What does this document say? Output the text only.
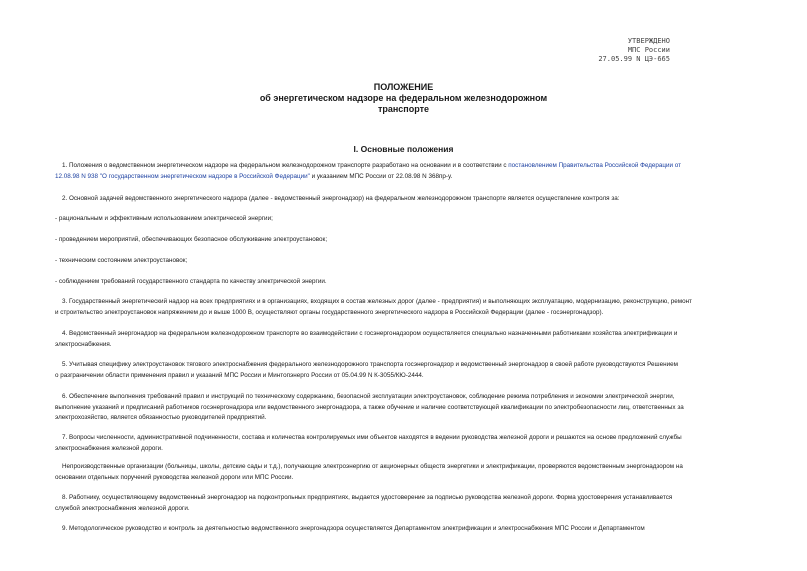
УТВЕРЖДЕНО
МПС России
27.05.99 N ЦЭ-665
ПОЛОЖЕНИЕ
об энергетическом надзоре на федеральном железнодорожном
транспорте
I. Основные положения

1. Положения о ведомственном энергетическом надзоре на федеральном железнодорожном транспорте разработано на основании и в соответствии с постановлением Правительства Российской Федерации от

12.08.98 N 938 "О государственном энергетическом надзоре в Российской Федерации" и указанием МПС России от 22.08.98 N 368пр-у.

2. Основной задачей ведомственного энергетического надзора (далее - ведомственный энергонадзор) на федеральном железнодорожном транспорте является осуществление контроля за:

- рациональным и эффективным использованием электрической энергии;

- проведением мероприятий, обеспечивающих безопасное обслуживание электроустановок;

- техническим состоянием электроустановок;

- соблюдением требований государственного стандарта по качеству электрической энергии.

3. Государственный энергетический надзор на всех предприятиях и в организациях, входящих в состав железных дорог (далее - предприятия) и выполняющих эксплуатацию, модернизацию, реконструкцию, ремонт

и строительство электроустановок напряжением до и выше 1000 В, осуществляют органы государственного энергетического надзора в Российской Федерации (далее - госэнергонадзор).

4. Ведомственный энергонадзор на федеральном железнодорожном транспорте во взаимодействии с госэнергонадзором осуществляется специально назначенными работниками хозяйства электрификации и

электроснабжения.

5. Учитывая специфику электроустановок тягового электроснабжения федерального железнодорожного транспорта госэнергонадзор и ведомственный энергонадзор в своей работе руководствуются Решением

о разграничении области применения правил и указаний МПС России и Минтопэнерго России от 05.04.99 N К-3055/КЮ-2444.

6. Обеспечение выполнения требований правил и инструкций по техническому содержанию, безопасной эксплуатации электроустановок, соблюдение режима потребления и экономии электрической энергии,

выполнение указаний и предписаний работников госэнергонадзора или ведомственного энергонадзора, а также обучение и наличие соответствующей квалификации по электробезопасности лиц, ответственных за

электрохозяйство, является обязанностью руководителей предприятий.

7. Вопросы численности, административной подчиненности, состава и количества контролируемых ими объектов находятся в ведении руководства железной дороги и решаются на основе предложений службы

электроснабжения железной дороги.

Непроизводственные организации (больницы, школы, детские сады и т.д.), получающие электроэнергию от акционерных обществ энергетики и электрификации, проверяются ведомственным энергонадзором на

основании отдельных поручений руководства железной дороги или МПС России.

8. Работнику, осуществляющему ведомственный энергонадзор на подконтрольных предприятиях, выдается удостоверение за подписью руководства железной дороги. Форма удостоверения устанавливается

службой электроснабжения железной дороги.

9. Методологическое руководство и контроль за деятельностью ведомственного энергонадзора осуществляется Департаментом электрификации и электроснабжения МПС России и Департаментом
